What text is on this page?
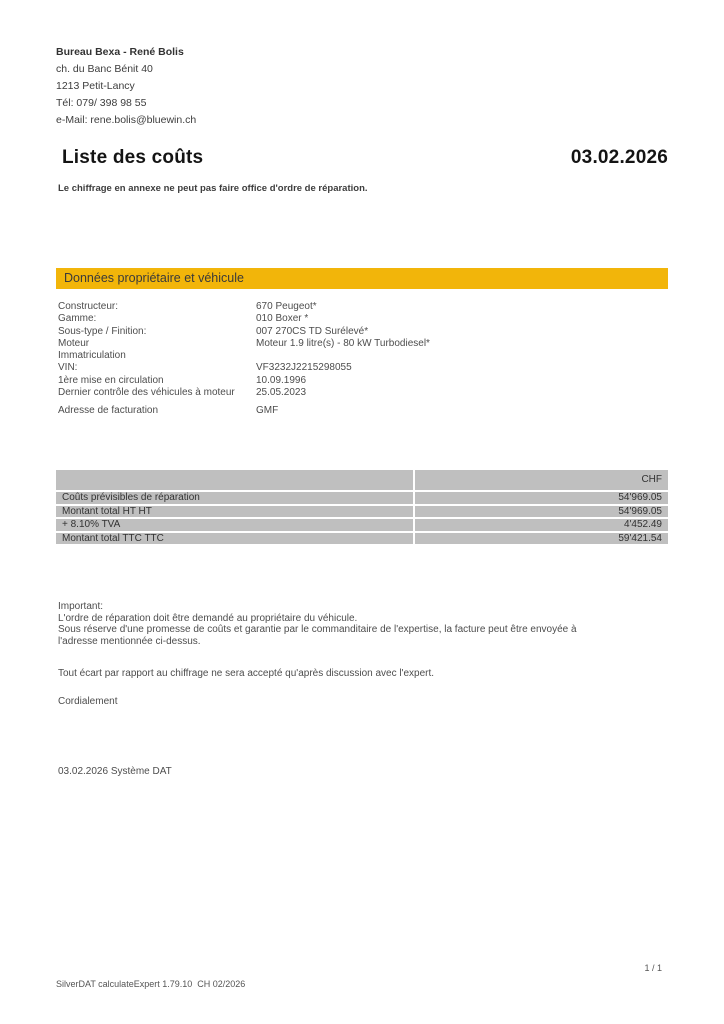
Bureau Bexa - René Bolis
ch. du Banc Bénit 40
1213 Petit-Lancy
Tél: 079/ 398 98 55
e-Mail: rene.bolis@bluewin.ch
Liste des coûts	03.02.2026
Le chiffrage en annexe ne peut pas faire office d'ordre de réparation.
Données propriétaire et véhicule
Constructeur:	670 Peugeot*
Gamme:	010 Boxer *
Sous-type / Finition:	007 270CS TD Surélevé*
Moteur	Moteur 1.9 litre(s) - 80 kW Turbodiesel*
Immatriculation
VIN:	VF3232J2215298055
1ère mise en circulation	10.09.1996
Dernier contrôle des véhicules à moteur	25.05.2023
Adresse de facturation	GMF
CHF
Coûts prévisibles de réparation	54'969.05
Montant total HT HT	54'969.05
+ 8.10% TVA	4'452.49
Montant total TTC TTC	59'421.54
Important:
L'ordre de réparation doit être demandé au propriétaire du véhicule.
Sous réserve d'une promesse de coûts et garantie par le commanditaire de l'expertise, la facture peut être envoyée à
l'adresse mentionnée ci-dessus.
Tout écart par rapport au chiffrage ne sera accepté qu'après discussion avec l'expert.
Cordialement
03.02.2026 Système DAT
1 / 1
SilverDAT calculateExpert 1.79.10  CH 02/2026
